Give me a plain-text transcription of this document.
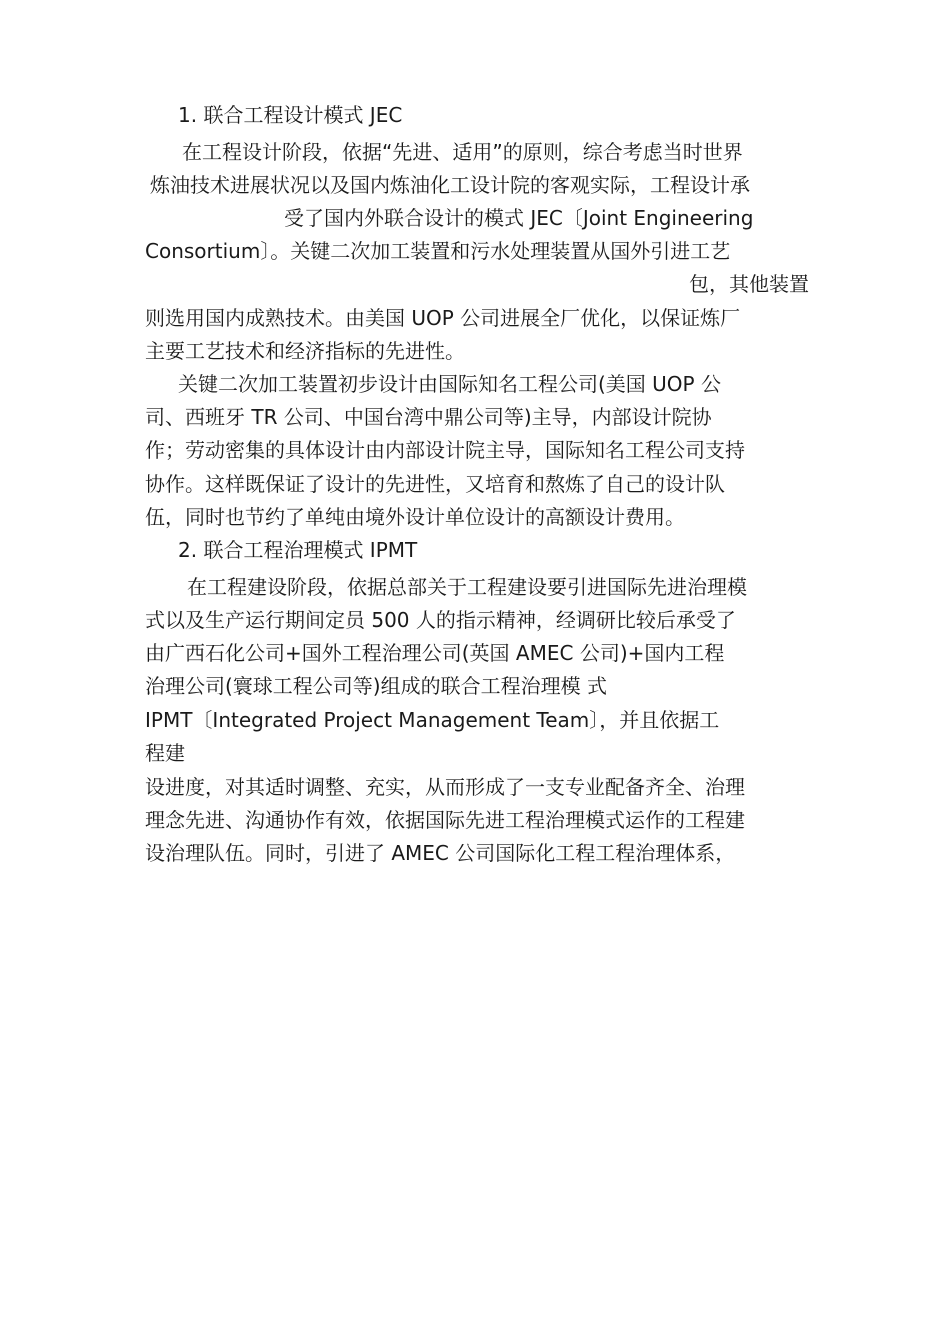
1. 联合工程设计模式 JEC
在工程设计阶段，依据“先进、适用”的原则，综合考虑当时世界
炼油技术进展状况以及国内炼油化工设计院的客观实际，工程设计承
受了国内外联合设计的模式 JEC〔Joint Engineering
Consortium〕。关键二次加工装置和污水处理装置从国外引进工艺
包，其他装置
则选用国内成熟技术。由美国 UOP 公司进展全厂优化，以保证炼厂
主要工艺技术和经济指标的先进性。
关键二次加工装置初步设计由国际知名工程公司(美国 UOP 公
司、西班牙 TR 公司、中国台湾中鼎公司等)主导，内部设计院协
作；劳动密集的具体设计由内部设计院主导，国际知名工程公司支持
协作。这样既保证了设计的先进性，又培育和熬炼了自己的设计队
伍，同时也节约了单纯由境外设计单位设计的高额设计费用。
2. 联合工程治理模式 IPMT
在工程建设阶段，依据总部关于工程建设要引进国际先进治理模
式以及生产运行期间定员 500 人的指示精神，经调研比较后承受了
由广西石化公司+国外工程治理公司(英国 AMEC 公司)+国内工程
治理公司(寰球工程公司等)组成的联合工程治理模 式
IPMT〔Integrated Project Management Team〕，并且依据工
程建
设进度，对其适时调整、充实，从而形成了一支专业配备齐全、治理
理念先进、沟通协作有效，依据国际先进工程治理模式运作的工程建
设治理队伍。同时，引进了 AMEC 公司国际化工程工程治理体系，
